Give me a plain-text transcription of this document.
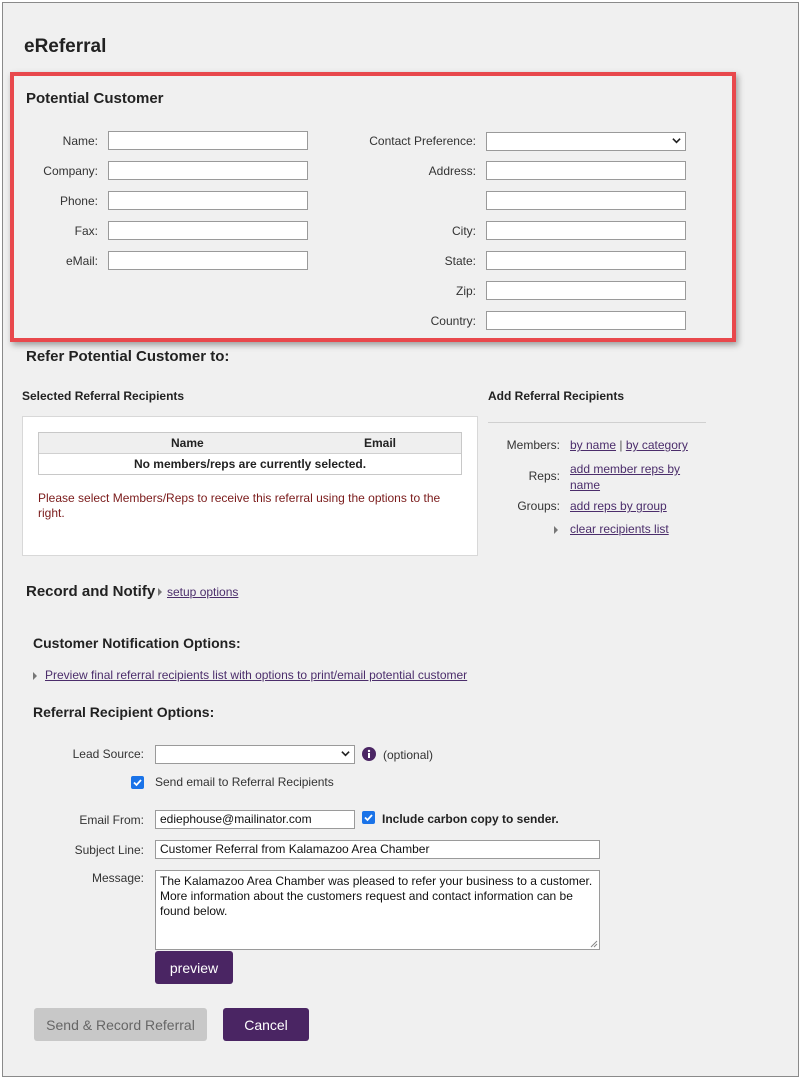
eReferral
Potential Customer
Name:
Company:
Phone:
Fax:
eMail:
Contact Preference:
Address:
City:
State:
Zip:
Country:
Refer Potential Customer to:
Selected Referral Recipients
Name	Email
No members/reps are currently selected.
Please select Members/Reps to receive this referral using the options to the right.
Add Referral Recipients
Members: by name | by category
Reps: add member reps by
name
Groups: add reps by group
clear recipients list
Record and Notify setup options
Customer Notification Options:
Preview final referral recipients list with options to print/email potential customer
Referral Recipient Options:
Lead Source:	(optional)
Send email to Referral Recipients
Email From:	ediephouse@mailinator.com	Include carbon copy to sender.
Subject Line:	Customer Referral from Kalamazoo Area Chamber
Message:	The Kalamazoo Area Chamber was pleased to refer your business to a customer. More information about the customers request and contact information can be found below.
preview
Send & Record Referral	Cancel
